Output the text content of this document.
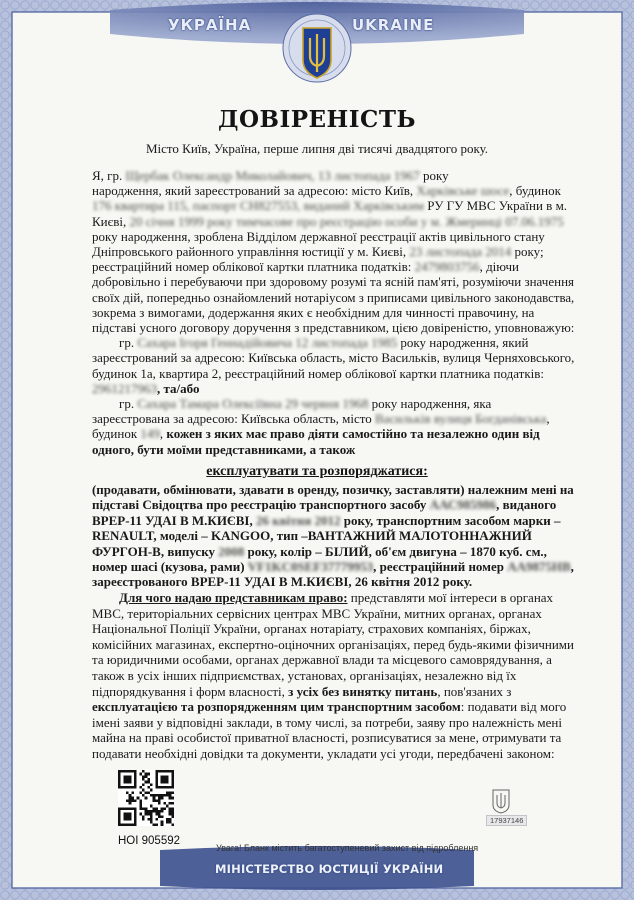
УКРАЇНА	UKRAINE
ДОВІРЕНІСТЬ
Місто Київ, Україна, перше липня дві тисячі двадцятого року.
Я, гр. Щербак Олександр Миколайович, 13 листопада 1967 року
народження, який зареєстрований за адресою: місто Київ, Харківське шосе, будинок
176 квартира 115, паспорт СН827553, виданий Харківським РУ ГУ МВС України в м.
Києві, 20 січня 1999 року тимчасове про реєстрацію особи у м. Жмеринці 07.06.1975
року народження, зроблена Відділом державної реєстрації актів цивільного стану
Дніпровського районного управління юстиції у м. Києві, 23 листопада 2014 року;
реєстраційний номер облікової картки платника податків: 2479803756, діючи
добровільно і перебуваючи при здоровому розумі та ясній пам'яті, розуміючи значення
своїх дій, попередньо ознайомлений нотаріусом з приписами цивільного законодавства,
зокрема з вимогами, додержання яких є необхідним для чинності правочину, на
підставі усного договору доручення з представником, цією довіреністю, уповноважую:
гр. Сахара Ігоря Геннадійовича 12 листопада 1985 року народження, який
зареєстрований за адресою: Київська область, місто Васильків, вулиця Черняховського,
будинок 1а, квартира 2, реєстраційний номер облікової картки платника податків:
2961217963, та/або
гр. Сахара Тамара Олексіївна 29 червня 1968 року народження, яка
зареєстрована за адресою: Київська область, місто Васильків вулиця Богданівська,
будинок 149, кожен з яких має право діяти самостійно та незалежно один від
одного, бути моїми представниками, а також
експлуатувати та розпоряджатися:
(продавати, обмінювати, здавати в оренду, позичку, заставляти) належним мені на
підставі Свідоцтва про реєстрацію транспортного засобу ААС985986, виданого
ВРЕР-11 УДАІ В М.КИЄВІ, 26 квітня 2012 року, транспортним засобом марки –
RENAULT, моделі – KANGOO, тип –ВАНТАЖНИЙ МАЛОТОННАЖНИЙ
ФУРГОН-В, випуску 2008 року, колір – БІЛИЙ, об'єм двигуна – 1870 куб. см.,
номер шасі (кузова, рами) VF1KC0SEF37779953, реєстраційний номер АА9875НВ,
зареєстрованого ВРЕР-11 УДАІ В М.КИЄВІ, 26 квітня 2012 року.
Для чого надаю представникам право: представляти мої інтереси в органах
МВС, територіальних сервісних центрах МВС України, митних органах, органах
Національної Поліції України, органах нотаріату, страхових компаніях, біржах,
комісійних магазинах, експертно-оціночних організаціях, перед будь-якими фізичними
та юридичними особами, органах державної влади та місцевого самоврядування, а
також в усіх інших підприємствах, установах, організаціях, незалежно від їх
підпорядкування і форм власності, з усіх без винятку питань, пов'язаних з
експлуатацією та розпорядженням цим транспортним засобом: подавати від мого
імені заяви у відповідні заклади, в тому числі, за потреби, заяву про належність мені
майна на праві особистої приватної власності, розписуватися за мене, отримувати та
подавати необхідні довідки та документи, укладати усі угоди, передбачені законом:
НОІ 905592
Увага! Бланк містить багатоступеневий захист від підроблення
МІНІСТЕРСТВО ЮСТИЦІЇ УКРАЇНИ
17937146
